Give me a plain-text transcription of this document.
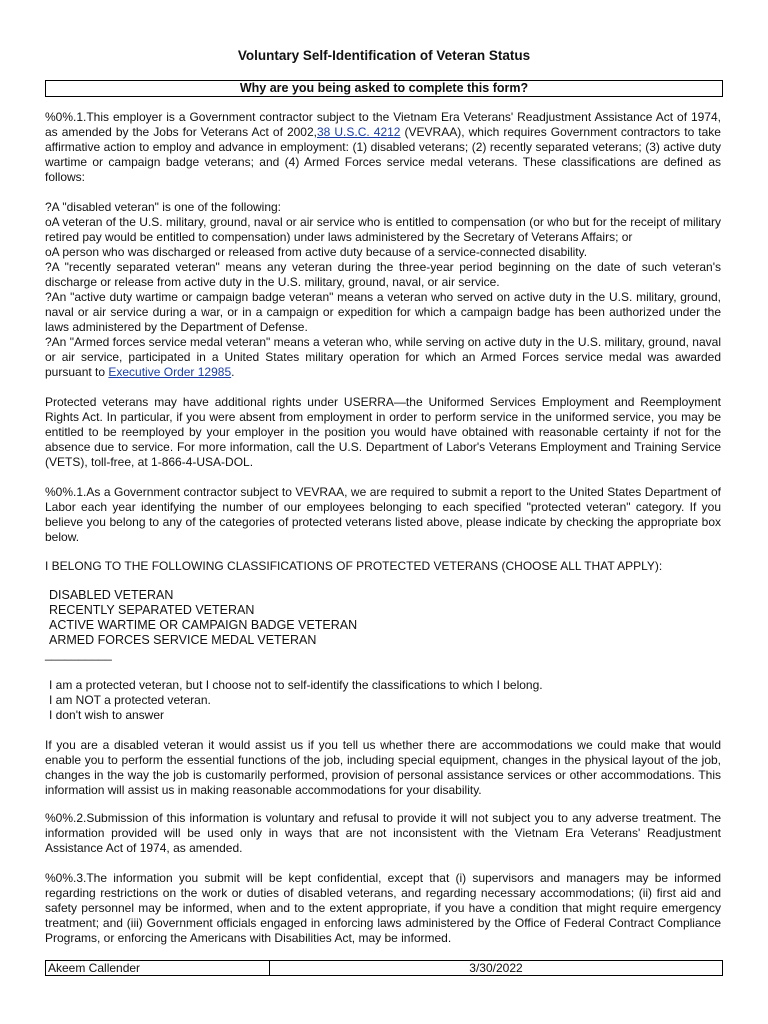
Voluntary Self-Identification of Veteran Status
Why are you being asked to complete this form?
%0%.1.This employer is a Government contractor subject to the Vietnam Era Veterans' Readjustment Assistance Act of 1974, as amended by the Jobs for Veterans Act of 2002,38 U.S.C. 4212 (VEVRAA), which requires Government contractors to take affirmative action to employ and advance in employment: (1) disabled veterans; (2) recently separated veterans; (3) active duty wartime or campaign badge veterans; and (4) Armed Forces service medal veterans. These classifications are defined as follows:
?A "disabled veteran" is one of the following:
oA veteran of the U.S. military, ground, naval or air service who is entitled to compensation (or who but for the receipt of military retired pay would be entitled to compensation) under laws administered by the Secretary of Veterans Affairs; or
oA person who was discharged or released from active duty because of a service-connected disability.
?A "recently separated veteran" means any veteran during the three-year period beginning on the date of such veteran's discharge or release from active duty in the U.S. military, ground, naval, or air service.
?An "active duty wartime or campaign badge veteran" means a veteran who served on active duty in the U.S. military, ground, naval or air service during a war, or in a campaign or expedition for which a campaign badge has been authorized under the laws administered by the Department of Defense.
?An "Armed forces service medal veteran" means a veteran who, while serving on active duty in the U.S. military, ground, naval or air service, participated in a United States military operation for which an Armed Forces service medal was awarded pursuant to Executive Order 12985.
Protected veterans may have additional rights under USERRA—the Uniformed Services Employment and Reemployment Rights Act. In particular, if you were absent from employment in order to perform service in the uniformed service, you may be entitled to be reemployed by your employer in the position you would have obtained with reasonable certainty if not for the absence due to service. For more information, call the U.S. Department of Labor's Veterans Employment and Training Service (VETS), toll-free, at 1-866-4-USA-DOL.
%0%.1.As a Government contractor subject to VEVRAA, we are required to submit a report to the United States Department of Labor each year identifying the number of our employees belonging to each specified "protected veteran" category. If you believe you belong to any of the categories of protected veterans listed above, please indicate by checking the appropriate box below.
I BELONG TO THE FOLLOWING CLASSIFICATIONS OF PROTECTED VETERANS (CHOOSE ALL THAT APPLY):
DISABLED VETERAN
RECENTLY SEPARATED VETERAN
ACTIVE WARTIME OR CAMPAIGN BADGE VETERAN
ARMED FORCES SERVICE MEDAL VETERAN
__________
I am a protected veteran, but I choose not to self-identify the classifications to which I belong.
I am NOT a protected veteran.
I don't wish to answer
If you are a disabled veteran it would assist us if you tell us whether there are accommodations we could make that would enable you to perform the essential functions of the job, including special equipment, changes in the physical layout of the job, changes in the way the job is customarily performed, provision of personal assistance services or other accommodations. This information will assist us in making reasonable accommodations for your disability.
%0%.2.Submission of this information is voluntary and refusal to provide it will not subject you to any adverse treatment. The information provided will be used only in ways that are not inconsistent with the Vietnam Era Veterans' Readjustment Assistance Act of 1974, as amended.
%0%.3.The information you submit will be kept confidential, except that (i) supervisors and managers may be informed regarding restrictions on the work or duties of disabled veterans, and regarding necessary accommodations; (ii) first aid and safety personnel may be informed, when and to the extent appropriate, if you have a condition that might require emergency treatment; and (iii) Government officials engaged in enforcing laws administered by the Office of Federal Contract Compliance Programs, or enforcing the Americans with Disabilities Act, may be informed.
Akeem Callender	3/30/2022
